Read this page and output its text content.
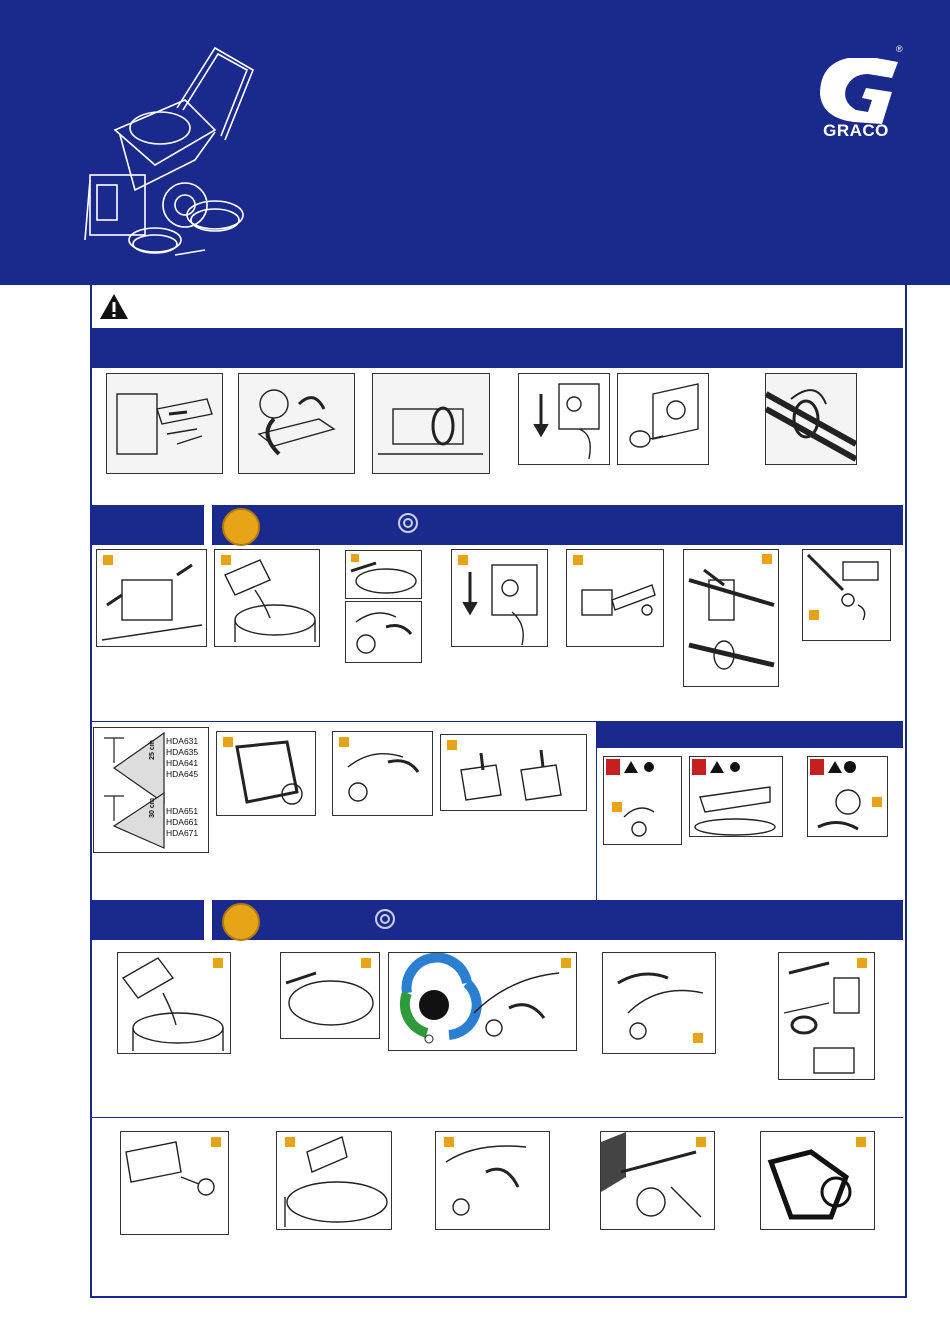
®
GRACO
25 cm HDA631
HDA635
HDA641
HDA645
30 cm HDA651
HDA661
HDA671
